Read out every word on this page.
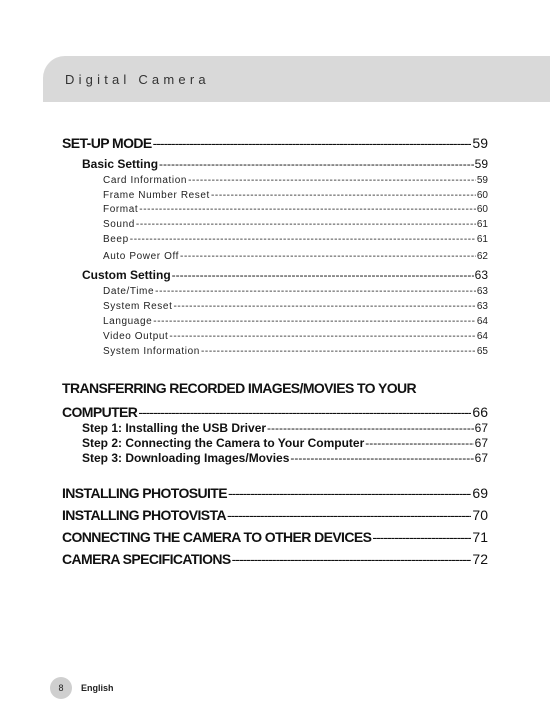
Digital Camera
SET-UP MODE -----	59
Basic Setting -----	59
Card Information -----	59
Frame Number Reset -----	60
Format -----	60
Sound -----	61
Beep -----	61
Auto Power Off -----	62
Custom Setting -----	63
Date/Time -----	63
System Reset -----	63
Language -----	64
Video Output -----	64
System Information -----	65
TRANSFERRING RECORDED IMAGES/MOVIES TO YOUR
COMPUTER -----	66
Step 1: Installing the USB Driver -----	67
Step 2: Connecting the Camera to Your Computer -----	67
Step 3: Downloading Images/Movies -----	67
INSTALLING PHOTOSUITE -----	69
INSTALLING PHOTOVISTA -----	70
CONNECTING THE CAMERA TO OTHER DEVICES -----	71
CAMERA SPECIFICATIONS -----	72
8 English
